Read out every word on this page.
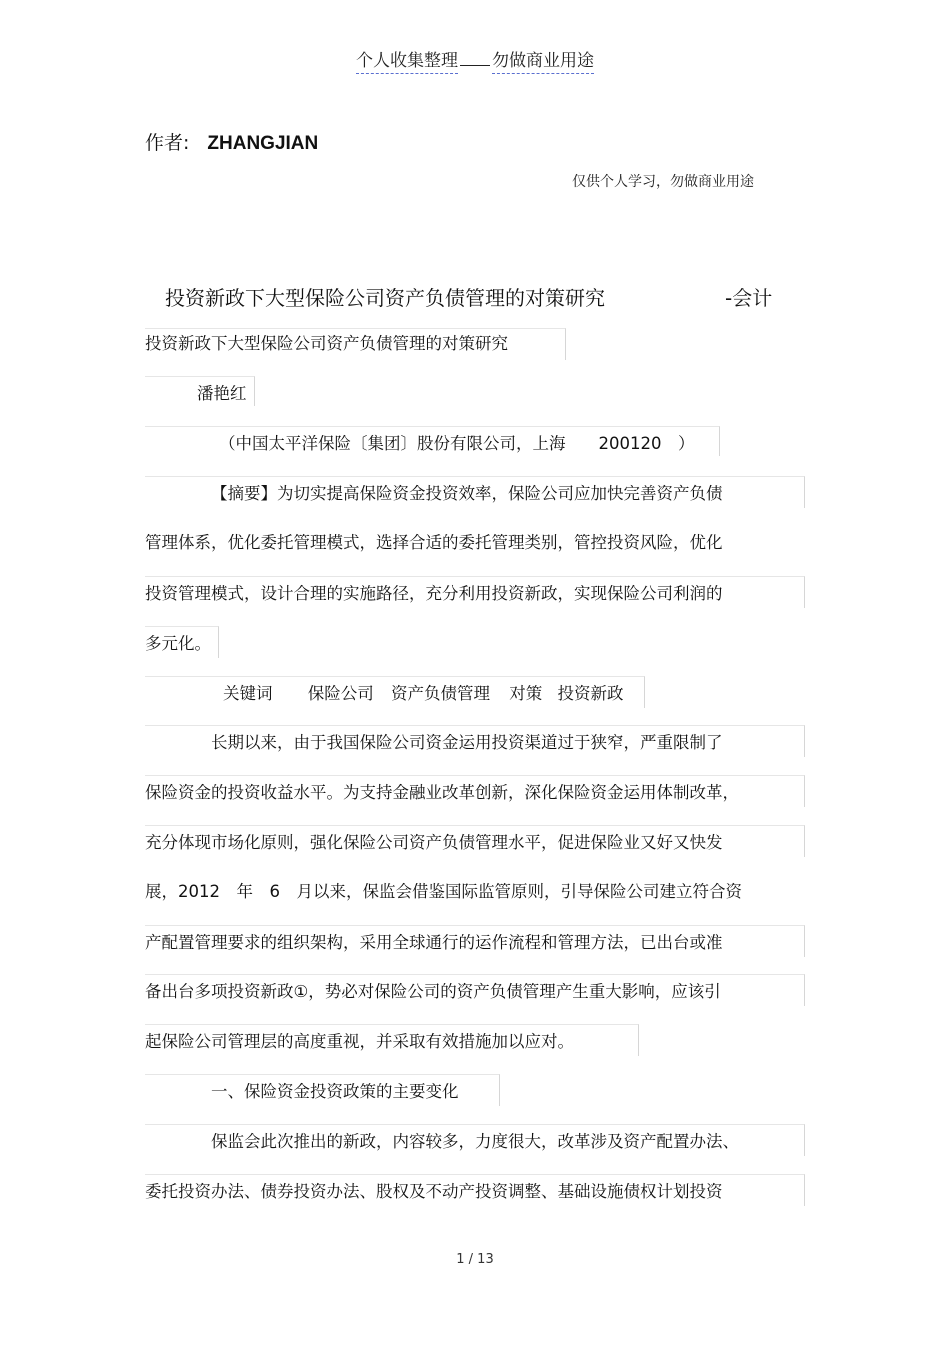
个人收集整理 勿做商业用途
作者: ZHANGJIAN
仅供个人学习，勿做商业用途
投资新政下大型保险公司资产负债管理的对策研究	-会计
投资新政下大型保险公司资产负债管理的对策研究
潘艳红
（中国太平洋保险〔集团〕股份有限公司，上海　　200120　）
【摘要】为切实提高保险资金投资效率，保险公司应加快完善资产负债
管理体系，优化委托管理模式，选择合适的委托管理类别，管控投资风险，优化
投资管理模式，设计合理的实施路径，充分利用投资新政，实现保险公司利润的
多元化。
关键词 保险公司 资产负债管理 对策 投资新政
长期以来，由于我国保险公司资金运用投资渠道过于狭窄，严重限制了
保险资金的投资收益水平。为支持金融业改革创新，深化保险资金运用体制改革，
充分体现市场化原则，强化保险公司资产负债管理水平，促进保险业又好又快发
展，2012　年　6　月以来，保监会借鉴国际监管原则，引导保险公司建立符合资
产配置管理要求的组织架构，采用全球通行的运作流程和管理方法，已出台或准
备出台多项投资新政①，势必对保险公司的资产负债管理产生重大影响，应该引
起保险公司管理层的高度重视，并采取有效措施加以应对。
一、保险资金投资政策的主要变化
保监会此次推出的新政，内容较多，力度很大，改革涉及资产配置办法、
委托投资办法、债券投资办法、股权及不动产投资调整、基础设施债权计划投资
1 / 13
